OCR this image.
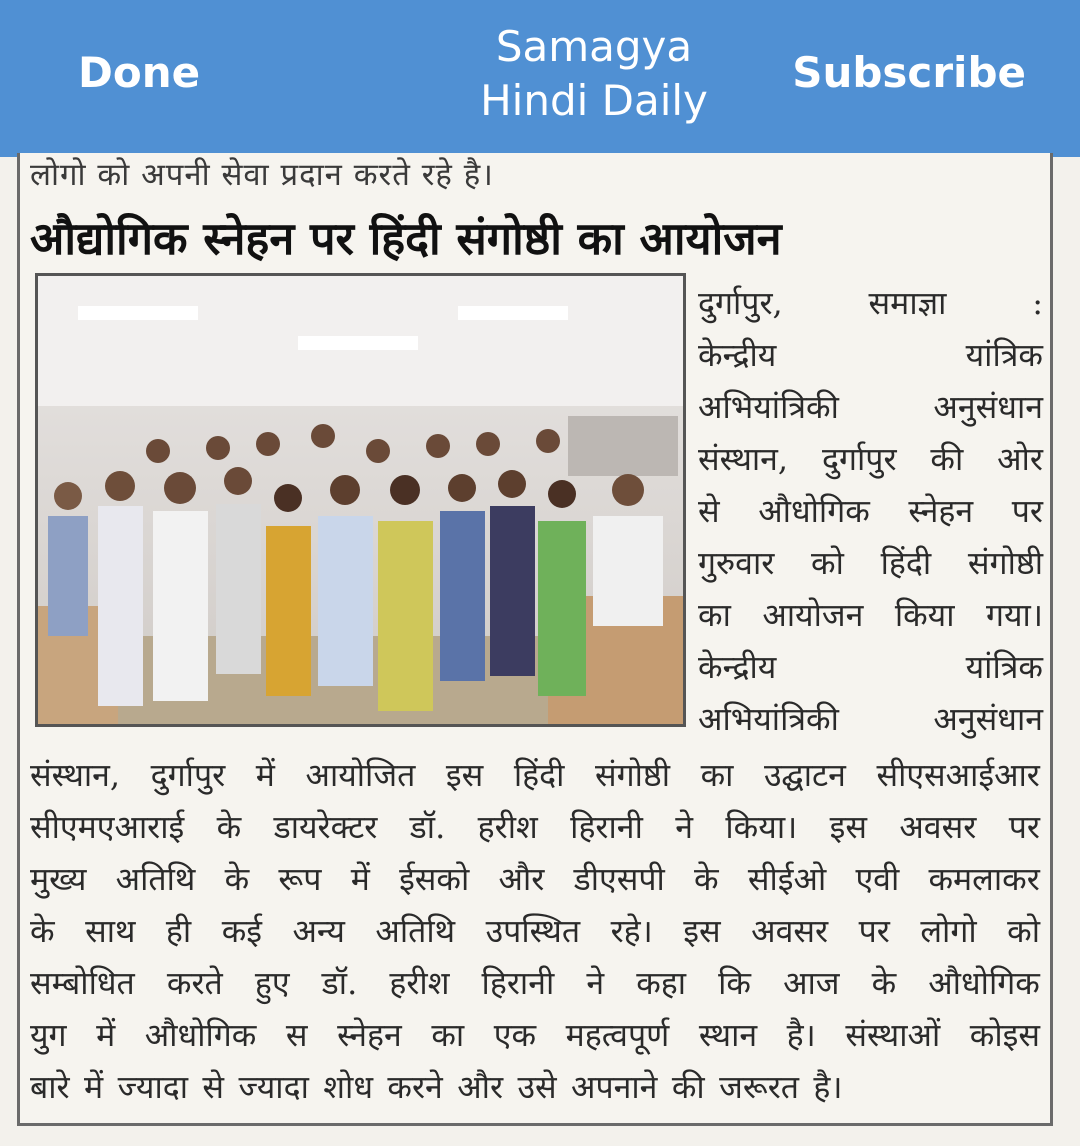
Done
Samagya
Hindi Daily
Subscribe
लोगो को अपनी सेवा प्रदान करते रहे है।
औद्योगिक स्नेहन पर हिंदी संगोष्ठी का आयोजन
दुर्गापुर,	समाज्ञा	:
केन्द्रीय	यांत्रिक
अभियांत्रिकी	अनुसंधान
संस्थान, दुर्गापुर की ओर
से औधोगिक स्नेहन पर
गुरुवार को हिंदी संगोष्ठी
का आयोजन किया गया।
केन्द्रीय	यांत्रिक
अभियांत्रिकी	अनुसंधान
संस्थान, दुर्गापुर में आयोजित इस हिंदी संगोष्ठी का उद्घाटन सीएसआईआर
सीएमएआराई के डायरेक्टर डॉ. हरीश हिरानी ने किया। इस अवसर पर
मुख्य अतिथि के रूप में ईसको और डीएसपी के सीईओ एवी कमलाकर
के साथ ही कई अन्य अतिथि उपस्थित रहे। इस अवसर पर लोगो को
सम्बोधित करते हुए डॉ. हरीश हिरानी ने कहा कि आज के औधोगिक
युग में औधोगिक स स्नेहन का एक महत्वपूर्ण स्थान है। संस्थाओं कोइस
बारे में ज्यादा से ज्यादा शोध करने और उसे अपनाने की जरूरत है।
